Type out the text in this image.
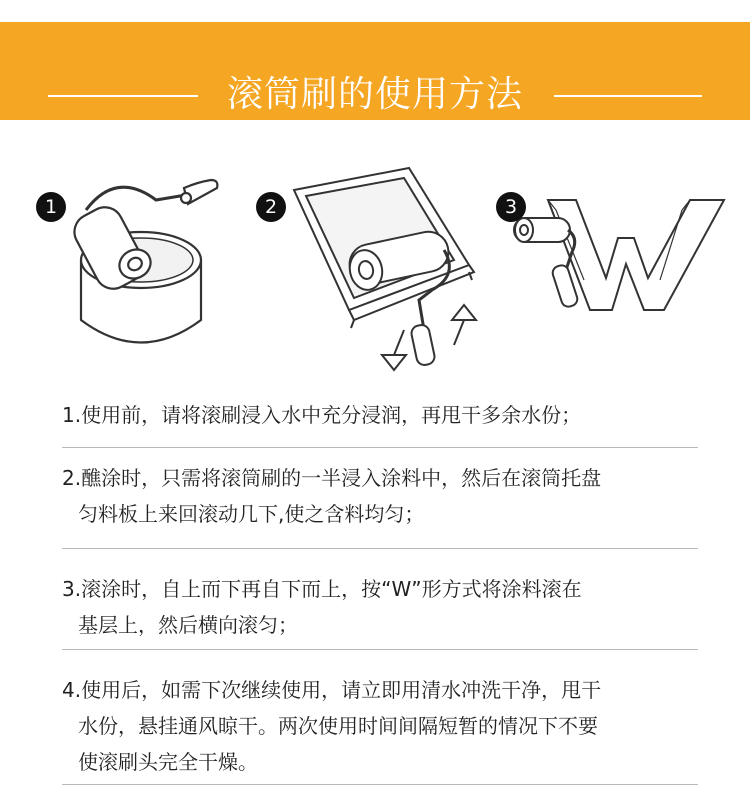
滚筒刷的使用方法
1	2	3

1.使用前，请将滚刷浸入水中充分浸润，再甩干多余水份；

2.醮涂时，只需将滚筒刷的一半浸入涂料中，然后在滚筒托盘

匀料板上来回滚动几下,使之含料均匀；

3.滚涂时，自上而下再自下而上，按“W”形方式将涂料滚在

基层上，然后横向滚匀；

4.使用后，如需下次继续使用，请立即用清水冲洗干净，甩干

水份，悬挂通风晾干。两次使用时间间隔短暂的情况下不要

使滚刷头完全干燥。
